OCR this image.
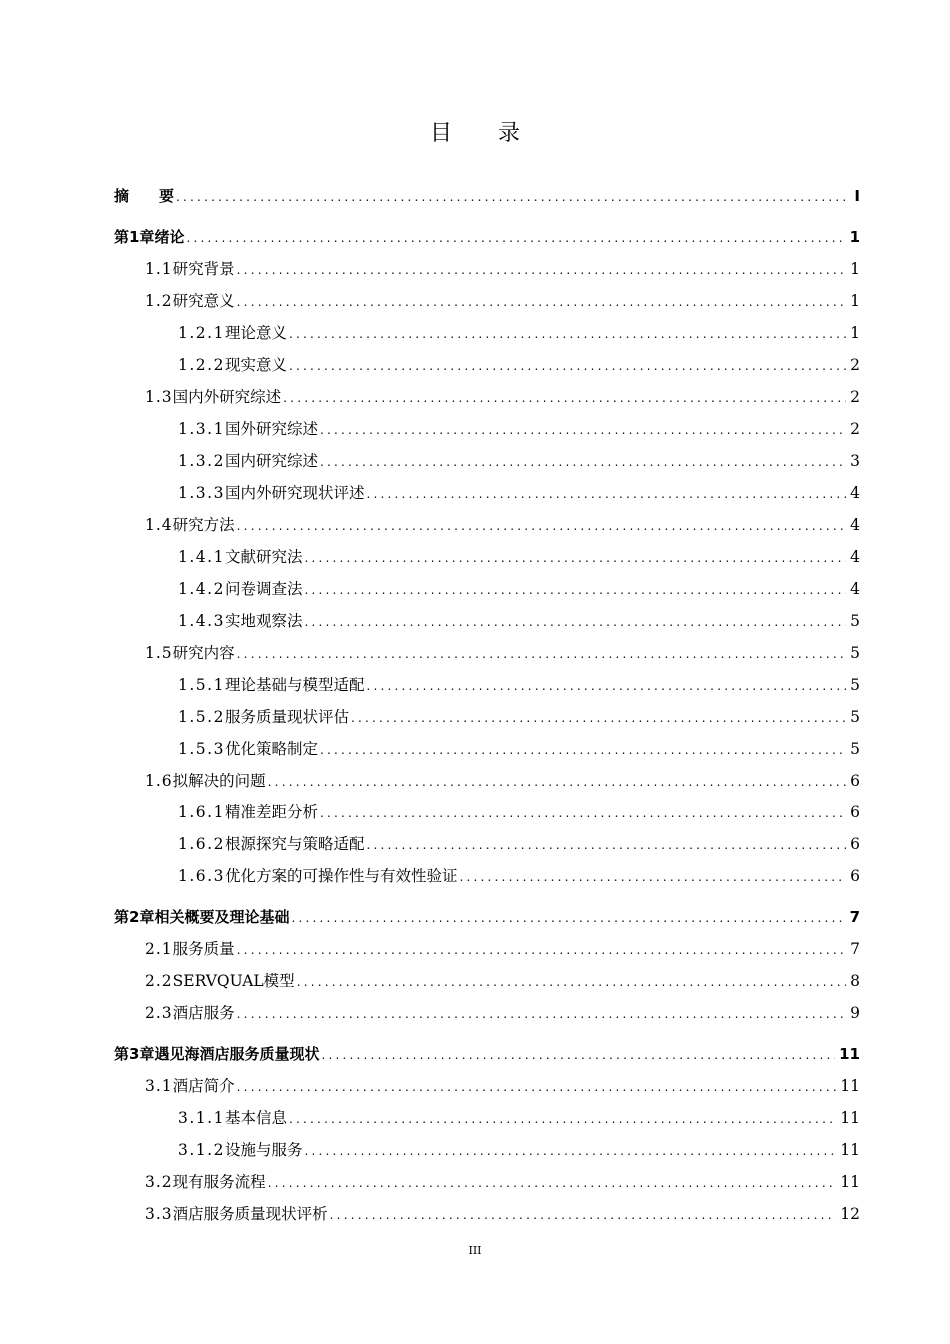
目录
摘　　要 .....	I
第1章 绪论 .....	1
1.1 研究背景 .....	1
1.2 研究意义 .....	1
1.2.1 理论意义 .....	1
1.2.2 现实意义 .....	2
1.3 国内外研究综述 .....	2
1.3.1 国外研究综述 .....	2
1.3.2 国内研究综述 .....	3
1.3.3 国内外研究现状评述 .....	4
1.4 研究方法 .....	4
1.4.1 文献研究法 .....	4
1.4.2 问卷调查法 .....	4
1.4.3 实地观察法 .....	5
1.5 研究内容 .....	5
1.5.1 理论基础与模型适配 .....	5
1.5.2 服务质量现状评估 .....	5
1.5.3 优化策略制定 .....	5
1.6 拟解决的问题 .....	6
1.6.1 精准差距分析 .....	6
1.6.2 根源探究与策略适配 .....	6
1.6.3 优化方案的可操作性与有效性验证 .....	6
第2章 相关概要及理论基础 .....	7
2.1 服务质量 .....	7
2.2 SERVQUAL模型 .....	8
2.3 酒店服务 .....	9
第3章 遇见海酒店服务质量现状 .....	11
3.1 酒店简介 .....	11
3.1.1 基本信息 .....	11
3.1.2 设施与服务 .....	11
3.2 现有服务流程 .....	11
3.3 酒店服务质量现状评析 .....	12
III
